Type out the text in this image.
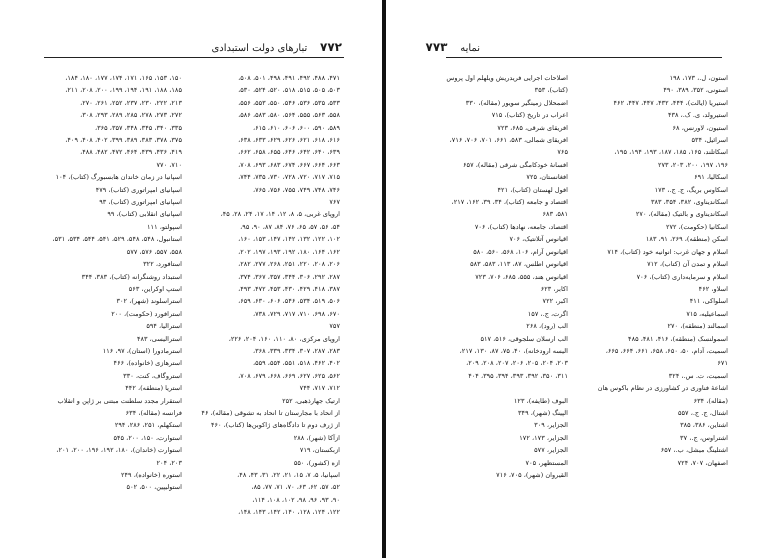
۷۷۲    تبارهای دولت استبدادی
۴۷۱، ۴۸۸، ۴۹۲، ۴۹۱، ۴۹۸، ۵۰۱، ۵۰۸،
۵۰۳، ۵۰۵، ۵۱۵، ۵۱۸، ۵۲۰، ۵۲۴، ۵۳۰،
۵۳۳، ۵۳۵، ۵۳۶، ۵۴۶، ۵۵۰، ۵۵۳، ۵۵۶،
۵۵۸، ۵۶۳، ۵۵۵، ۵۶۴، ۵۸۰، ۵۸۳، ۵۸۶،
۵۸۹، ۵۹۰، ۶۰۰، ۶۰۶، ۶۱۰، ۶۱۵،
۶۱۶، ۶۱۸، ۶۲۱، ۶۲۶، ۶۲۹، ۶۳۳، ۶۳۸،
۶۳۹، ۶۴۰، ۶۴۲، ۶۴۶، ۶۵۵، ۶۵۸، ۶۶۲،
۶۶۳، ۶۶۴، ۶۶۷، ۶۷۴، ۶۸۳، ۶۹۳، ۷۰۸،
۷۱۵، ۷۱۷، ۷۲۰، ۷۲۸، ۷۳۰، ۷۳۵، ۷۴۴،
۷۴۶، ۷۴۸، ۷۴۹، ۷۵۵، ۷۵۶، ۷۶۵،
۷۶۷
اروپای غربی، ۵، ۸، ۱۲، ۱۴، ۱۷، ۲۴، ۲۸، ۴۵،
۵۴، ۵۶، ۵۷، ۶۵، ۷۶، ۸۴، ۸۷، ۹۰، ۹۵،
۱۰۲، ۱۲۲، ۱۳۲، ۱۴۲، ۱۴۷، ۱۵۳، ۱۶۰،
۱۶۲، ۱۶۴، ۱۸۰، ۱۹۲، ۱۹۳، ۱۹۷، ۲۰۲،
۲۰۶، ۲۰۸، ۲۲۰، ۲۵۱، ۲۶۸، ۲۷۷، ۲۸۲،
۲۸۷، ۲۹۲، ۳۰۶، ۳۴۴، ۳۵۷، ۳۶۷، ۳۷۴،
۳۸۷، ۴۱۸، ۴۲۹، ۴۳۰، ۴۵۳، ۴۷۲، ۴۹۳،
۵۰۶، ۵۱۹، ۵۳۴، ۵۴۶، ۶۰۶، ۶۳۰، ۶۵۹،
۶۷۰، ۶۹۸، ۷۱۰، ۷۱۷، ۷۲۹، ۷۳۸،
۷۵۷
اروپای مرکزی، ۸۰، ۱۱۰، ۱۶۰، ۲۰۴، ۲۲۶،
۲۸۳، ۲۸۷، ۳۰۷، ۳۳۴، ۳۳۹، ۳۶۸،
۴۰۲، ۴۶۲، ۵۱۸، ۵۵۱، ۵۵۴، ۵۵۹،
۵۶۲، ۶۲۵، ۶۲۷، ۶۶۹، ۶۶۸، ۶۷۹، ۷۰۸،
۷۱۲، ۷۱۷، ۷۴۴
ارتیک جهارذهبی، ۲۵۲
از انحاد با مجارستان تا انحاد به تشوقی (مقاله)، ۴۶
از ژرف دوم تا دادگاه‌های ژاکوبن‌ها (کتاب)، ۴۶۰
ازآکا (شهر)، ۲۸۸
ازبکستان، ۷۱۹
ازه (کشور)، ۵۵۰
اسپانیا، ۵، ۷، ۱۵، ۲۱، ۲۲، ۳۱، ۴۳، ۴۸،
۵۲، ۵۷، ۶۲، ۶۳، ۷۰، ۷۱، ۷۷، ۸۵،
۹۰، ۹۳، ۹۶، ۹۸، ۱۰۲، ۱۰۸، ۱۱۴،
۱۲۲، ۱۲۴، ۱۲۸، ۱۴۰، ۱۴۲، ۱۴۳، ۱۴۸،
۱۵۰، ۱۵۳، ۱۶۵، ۱۷۱، ۱۷۴، ۱۷۷، ۱۸۰، ۱۸۴،
۱۸۵، ۱۸۸، ۱۹۱، ۱۹۴، ۱۹۹، ۲۰۰، ۲۰۸، ۲۱۱،
۲۱۳، ۲۲۲، ۲۳۰، ۲۳۷، ۲۵۲، ۲۶۱، ۲۷۰،
۲۷۲، ۲۷۳، ۲۷۸، ۲۸۵، ۲۸۹، ۲۹۳، ۳۰۸،
۳۳۵، ۳۴۰، ۳۴۵، ۳۴۸، ۳۵۷، ۳۶۵،
۳۷۵، ۳۷۸، ۳۸۳، ۳۸۹، ۳۹۹، ۴۰۲، ۴۰۸، ۴۰۹،
۴۱۹، ۴۳۶، ۴۳۹، ۴۶۴، ۴۷۲، ۴۸۲، ۴۸۸،
۷۱۰، ۷۷۰
اسپانیا در زمان خاندان هابسبورگ (کتاب)، ۱۰۴
اسپانیای امپراتوری (کتاب)، ۴۷۹
اسپانیای امپراتوری (کتاب)، ۹۳
اسپانیای انقلابی (کتاب)، ۹۹
اسپولتو، ۱۱۱
استانبول، ۵۴۸، ۵۴۸، ۵۲۹، ۵۴۱، ۵۴۴، ۵۳۴، ۵۳۱،
۵۵۸، ۵۵۷، ۵۷۶، ۵۷۷
استافورد، ۳۲۲
استبداد روشنگرانه (کتاب)، ۳۸۳، ۳۴۴
استپ اوکراین، ۵۶۳
استراسلوند (شهر)، ۳۰۲
استرافورد (حکومت)، ۲۰۰
استرالیا، ۵۹۴
استرالیسی، ۴۸۳
استرمادورا (استان)، ۹۷، ۱۱۶
استرهازی (خانواده)، ۴۶۶
استروگاف، کنت، ۳۳۰
استریا (منطقه)، ۴۴۲
استقرار مجدد سلطنت مبتنی بر ژاپن و انقلاب
فرانسه (مقاله)، ۶۳۴
استکهلم، ۲۵۱، ۲۸۶، ۲۹۴
استوارت، ۱۵۰، ۲۰۰، ۵۴۵
استوارت (خاندان)، ۱۸۰، ۱۹۲، ۱۹۶، ۲۰۰، ۲۰۱،
۲۰۳، ۲۰۴
استوره (خانواده)، ۲۴۹
استولیپین، ۵۰۰، ۵۰۲
نمایه    ۷۷۳
استون، ل.، ۱۷۳، ۱۹۸
استونی، ۳۵۲، ۳۸۹، ۴۹۰
استیریا (ایالت)، ۴۴۴، ۴۳۲، ۴۴۷، ۴۴۷، ۴۶۲
استیرولد، ی. ک.، ۴۳۸
استیون، لاورنس، ۶۸
اسرائیل، ۵۳۴
اسکاتلند، ۱۶۵، ۱۸۵، ۱۸۷، ۱۹۳، ۱۹۴، ۱۹۵،
۱۹۶، ۱۹۷، ۲۰۰، ۲۰۳، ۲۷۳
اسکالیا، ۶۹۱
اسکاوس بریگ، ج. ج.، ۱۷۳
اسکاندیناوی، ۳۸۲، ۳۵۴، ۳۸۳
اسکاندیناوی و بالتیک (مقاله)، ۲۷۰
اسکانیا (حکومت)، ۲۷۲
اسکن (منطقه)، ۲۶۹، ۹۱، ۱۸۳
اسلام و جهان غرب: انوانیه خود (کتاب)، ۷۱۴
اسلام و تمدن آن (کتاب)، ۷۱۲
اسلام و سرمایه‌داری (کتاب)، ۷۰۶
اسلاو، ۴۶۲
اسلواکی، ۴۱۱
اسماعیلیه، ۷۱۵
اسمالند (منطقه)، ۲۷۰
اسمولنسک (منطقه)، ۴۱۶، ۴۸۱، ۴۸۵
اسمیت، آدام، ۵۰، ۶۵۰، ۶۵۸، ۶۶۱، ۶۶۴، ۶۶۵،
۶۷۱
اسمیت، ت. س.، ۳۲۴
اشاعهٔ فناوری در کشاورزی در نظام باکوس هان
(مقاله)، ۶۳۴
اشتال، ج. ج.، ۵۵۷
اشتاین، ۳۸۶، ۳۸۵
اشتراوس، ج.، ۳۷
اشتلینگ میشل، ب.، ۶۵۷
اصفهان، ۷۰۷، ۷۲۴
اصلاحات اجرایی فریدریش ویلهلم اول پروس
(کتاب)، ۳۵۳
اضمحلال زمینگیر سویور (مقاله)، ۳۳۰
اعراب در تاریخ (کتاب)، ۷۱۵
افریقای شرقی، ۶۸۵، ۷۲۳
افریقای شمالی، ۵۸۳، ۶۶۱، ۷۰۱، ۷۰۶، ۷۱۶،
۷۶۵
افسانهٔ خودکامگی شرقی (مقاله)، ۶۵۷
افغانستان، ۷۲۵
افول لهستان (کتاب)، ۴۲۱
اقتصاد و جامعه (کتاب)، ۳۴، ۳۹، ۱۶۲، ۲۱۷،
۵۸۱، ۶۸۳
اقتصاد، جامعه، نهادها (کتاب)، ۷۰۶
اقیانوس آتلانتیک، ۷۰۶
اقیانوس آرام، ۱۰۶، ۵۶۸، ۵۶۰، ۵۸۰
اقیانوس اطلس، ۸۷، ۱۱۳، ۵۸۳، ۵۸۳
اقیانوس هند، ۵۵۵، ۶۸۵، ۷۰۶، ۷۲۳
اکابر، ۶۲۳
اکبر، ۷۲۲
اگرت، ج.، ۱۵۷
الب (رود)، ۲۶۸
الب ارسلان سلجوقی، ۵۱۶، ۵۱۷
الیسه ارودخانه)، ۴۰، ۷۵، ۸۷، ۱۳۰، ۲۱۷،
۲۰۳، ۲۰۴، ۲۰۵، ۲۰۶، ۲۰۷، ۲۰۸، ۲۰۹،
۳۱۱، ۳۵۰، ۳۹۲، ۳۹۳، ۳۹۴، ۳۹۵، ۴۰۴

البوف (طایفه)، ۱۲۳
الپینگ (شهر)، ۳۴۹
الجزایر، ۳۰۹
الجزایر، ۱۷۳، ۱۷۲
الجزایر، ۵۷۷
المستظهر، ۷۰۵
القیروان (شهر)، ۷۰۵، ۷۱۶
